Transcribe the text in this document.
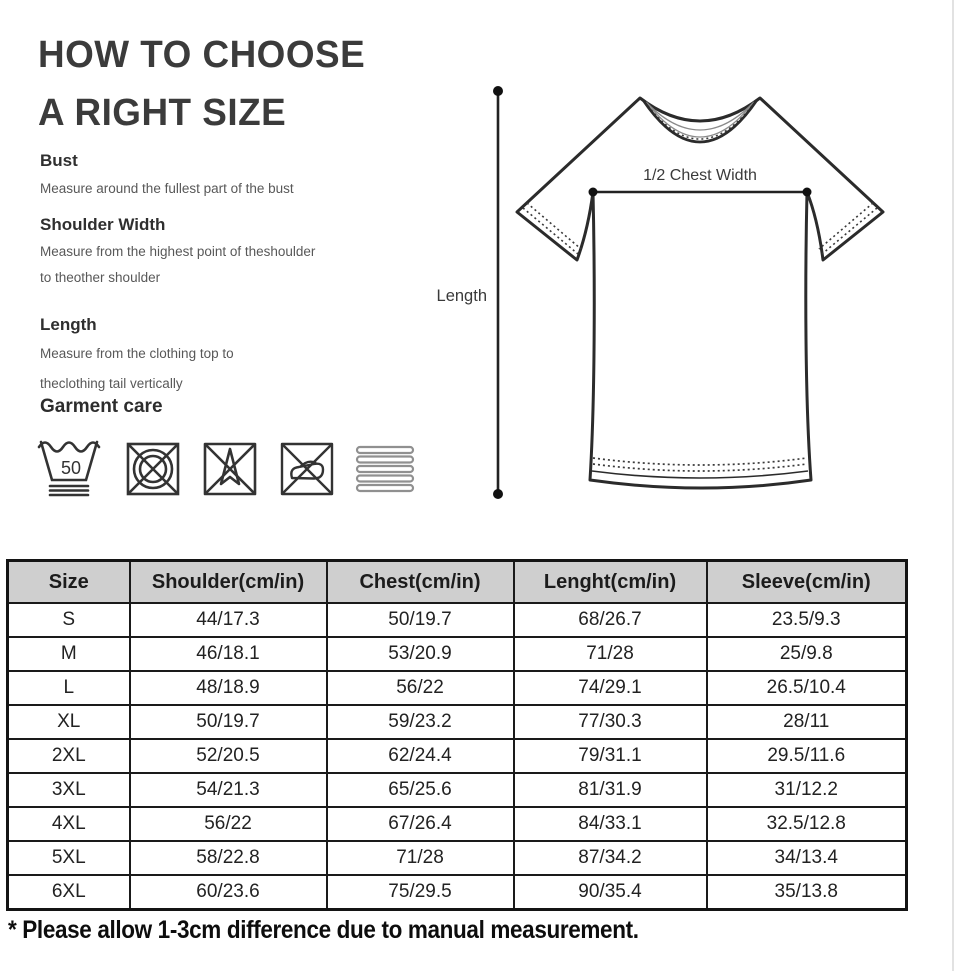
HOW TO CHOOSE
A RIGHT SIZE
Bust

Measure around the fullest part of the bust

Shoulder Width

Measure from the highest point of theshoulder

to theother shoulder

Length

Measure from the clothing top to

theclothing tail vertically

Garment care
50
1/2 Chest Width
Length
Size	Shoulder(cm/in)	Chest(cm/in)	Lenght(cm/in)	Sleeve(cm/in)
S	44/17.3	50/19.7	68/26.7	23.5/9.3
M	46/18.1	53/20.9	71/28	25/9.8
L	48/18.9	56/22	74/29.1	26.5/10.4
XL	50/19.7	59/23.2	77/30.3	28/11
2XL	52/20.5	62/24.4	79/31.1	29.5/11.6
3XL	54/21.3	65/25.6	81/31.9	31/12.2
4XL	56/22	67/26.4	84/33.1	32.5/12.8
5XL	58/22.8	71/28	87/34.2	34/13.4
6XL	60/23.6	75/29.5	90/35.4	35/13.8
* Please allow 1-3cm difference due to manual measurement.
